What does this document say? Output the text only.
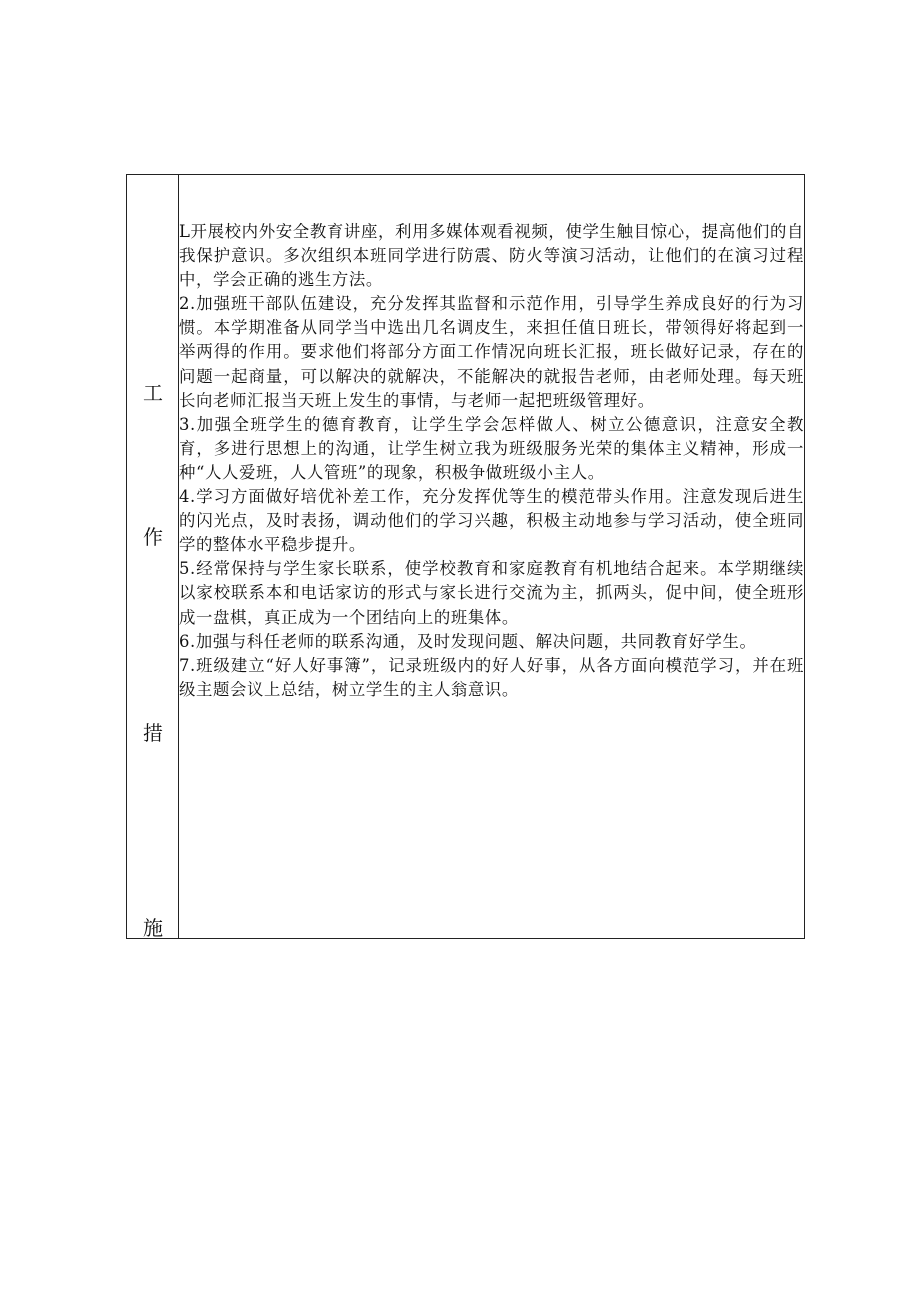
工
作
措
施

L开展校内外安全教育讲座，利用多媒体观看视频，使学生触目惊心，提高他们的自我保护意识。多次组织本班同学进行防震、防火等演习活动，让他们的在演习过程中，学会正确的逃生方法。

2.加强班干部队伍建设，充分发挥其监督和示范作用，引导学生养成良好的行为习惯。本学期准备从同学当中选出几名调皮生，来担任值日班长，带领得好将起到一举两得的作用。要求他们将部分方面工作情况向班长汇报，班长做好记录，存在的问题一起商量，可以解决的就解决，不能解决的就报告老师，由老师处理。每天班长向老师汇报当天班上发生的事情，与老师一起把班级管理好。

3.加强全班学生的德育教育，让学生学会怎样做人、树立公德意识，注意安全教育，多进行思想上的沟通，让学生树立我为班级服务光荣的集体主义精神，形成一种“人人爱班，人人管班”的现象，积极争做班级小主人。

4.学习方面做好培优补差工作，充分发挥优等生的模范带头作用。注意发现后进生的闪光点，及时表扬，调动他们的学习兴趣，积极主动地参与学习活动，使全班同学的整体水平稳步提升。

5.经常保持与学生家长联系，使学校教育和家庭教育有机地结合起来。本学期继续以家校联系本和电话家访的形式与家长进行交流为主，抓两头，促中间，使全班形成一盘棋，真正成为一个团结向上的班集体。

6.加强与科任老师的联系沟通，及时发现问题、解决问题，共同教育好学生。

7.班级建立“好人好事簿”，记录班级内的好人好事，从各方面向模范学习，并在班级主题会议上总结，树立学生的主人翁意识。
